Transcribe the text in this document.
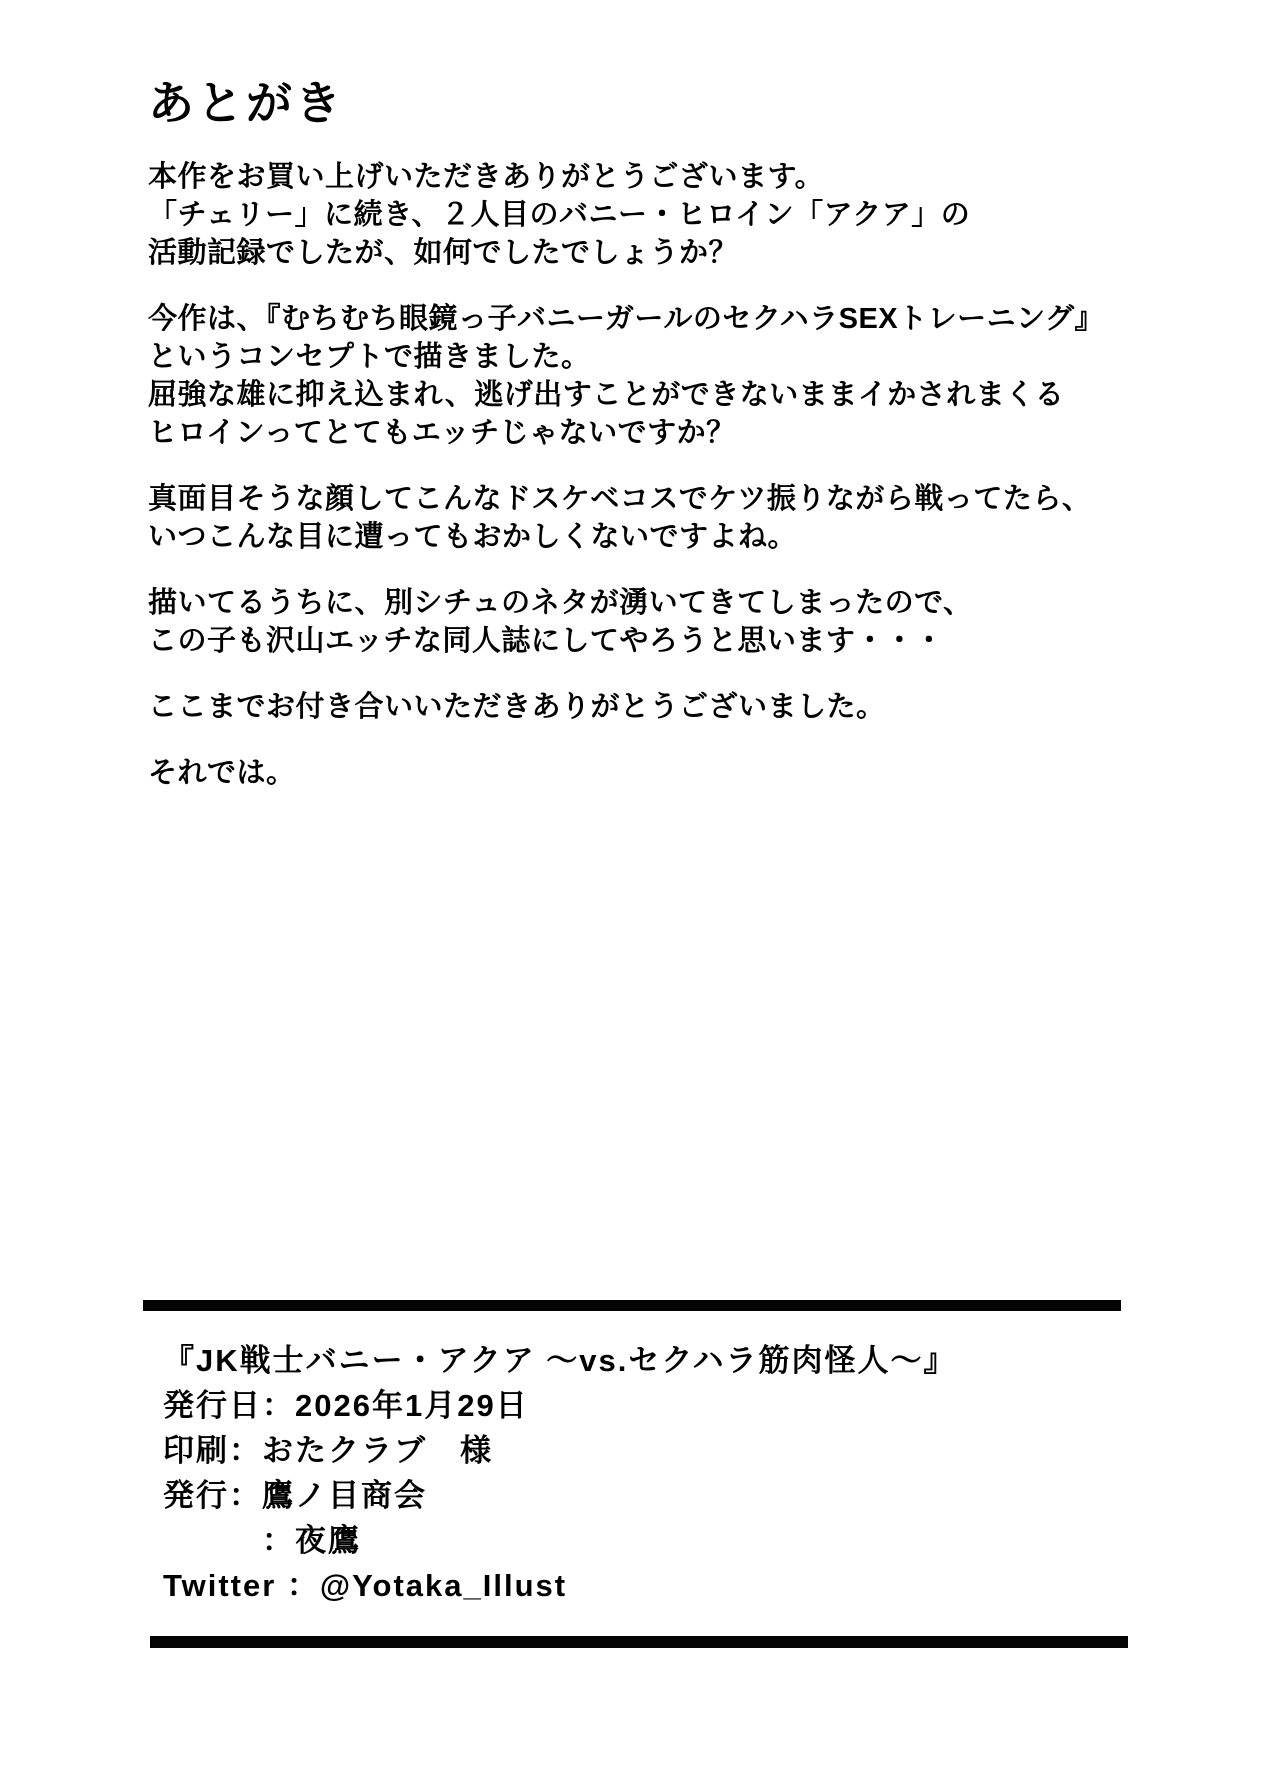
あとがき

本作をお買い上げいただきありがとうございます。
「チェリー」に続き、２人目のバニー・ヒロイン「アクア」の
活動記録でしたが、如何でしたでしょうか？

今作は、『むちむち眼鏡っ子バニーガールのセクハラSEXトレーニング』
というコンセプトで描きました。
屈強な雄に抑え込まれ、逃げ出すことができないままイかされまくる
ヒロインってとてもエッチじゃないですか？

真面目そうな顔してこんなドスケベコスでケツ振りながら戦ってたら、
いつこんな目に遭ってもおかしくないですよね。

描いてるうちに、別シチュのネタが湧いてきてしまったので、
この子も沢山エッチな同人誌にしてやろうと思います・・・

ここまでお付き合いいただきありがとうございました。

それでは。

『JK戦士バニー・アクア ～vs.セクハラ筋肉怪人～』
発行日：2026年1月29日
印刷：おたクラブ　様
発行：鷹ノ目商会
　　　：夜鷹
Twitter ：@Yotaka_Illust
